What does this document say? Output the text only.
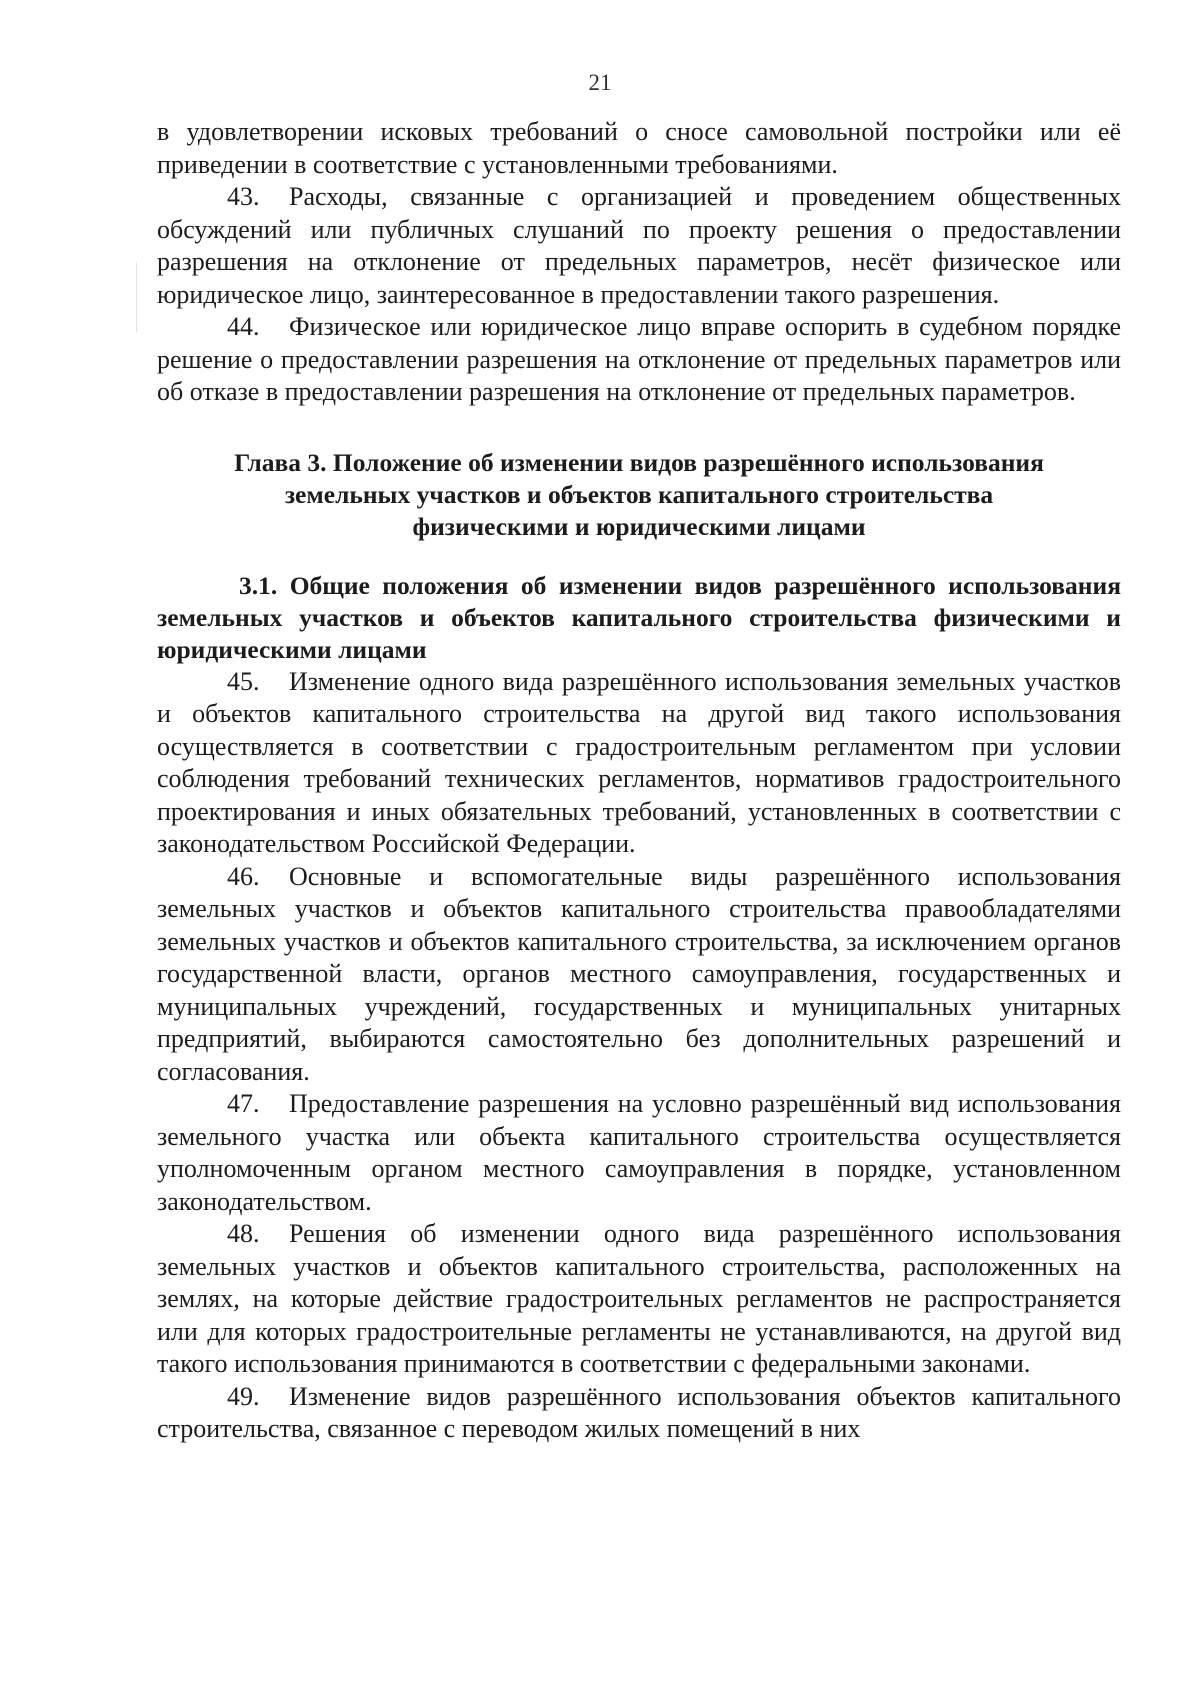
21

в удовлетворении исковых требований о сносе самовольной постройки или её приведении в соответствие с установленными требованиями.

43. Расходы, связанные с организацией и проведением общественных обсуждений или публичных слушаний по проекту решения о предоставлении разрешения на отклонение от предельных параметров, несёт физическое или юридическое лицо, заинтересованное в предоставлении такого разрешения.

44. Физическое или юридическое лицо вправе оспорить в судебном порядке решение о предоставлении разрешения на отклонение от предельных параметров или об отказе в предоставлении разрешения на отклонение от предельных параметров.

Глава 3. Положение об изменении видов разрешённого использования
земельных участков и объектов капитального строительства
физическими и юридическими лицами
3.1. Общие положения об изменении видов разрешённого использования земельных участков и объектов капитального строительства физическими и юридическими лицами

45. Изменение одного вида разрешённого использования земельных участков и объектов капитального строительства на другой вид такого использования осуществляется в соответствии с градостроительным регламентом при условии соблюдения требований технических регламентов, нормативов градостроительного проектирования и иных обязательных требований, установленных в соответствии с законодательством Российской Федерации.

46. Основные и вспомогательные виды разрешённого использования земельных участков и объектов капитального строительства правообладателями земельных участков и объектов капитального строительства, за исключением органов государственной власти, органов местного самоуправления, государственных и муниципальных учреждений, государственных и муниципальных унитарных предприятий, выбираются самостоятельно без дополнительных разрешений и согласования.

47. Предоставление разрешения на условно разрешённый вид использования земельного участка или объекта капитального строительства осуществляется уполномоченным органом местного самоуправления в порядке, установленном законодательством.

48. Решения об изменении одного вида разрешённого использования земельных участков и объектов капитального строительства, расположенных на землях, на которые действие градостроительных регламентов не распространяется или для которых градостроительные регламенты не устанавливаются, на другой вид такого использования принимаются в соответствии с федеральными законами.

49. Изменение видов разрешённого использования объектов капитального строительства, связанное с переводом жилых помещений в них
